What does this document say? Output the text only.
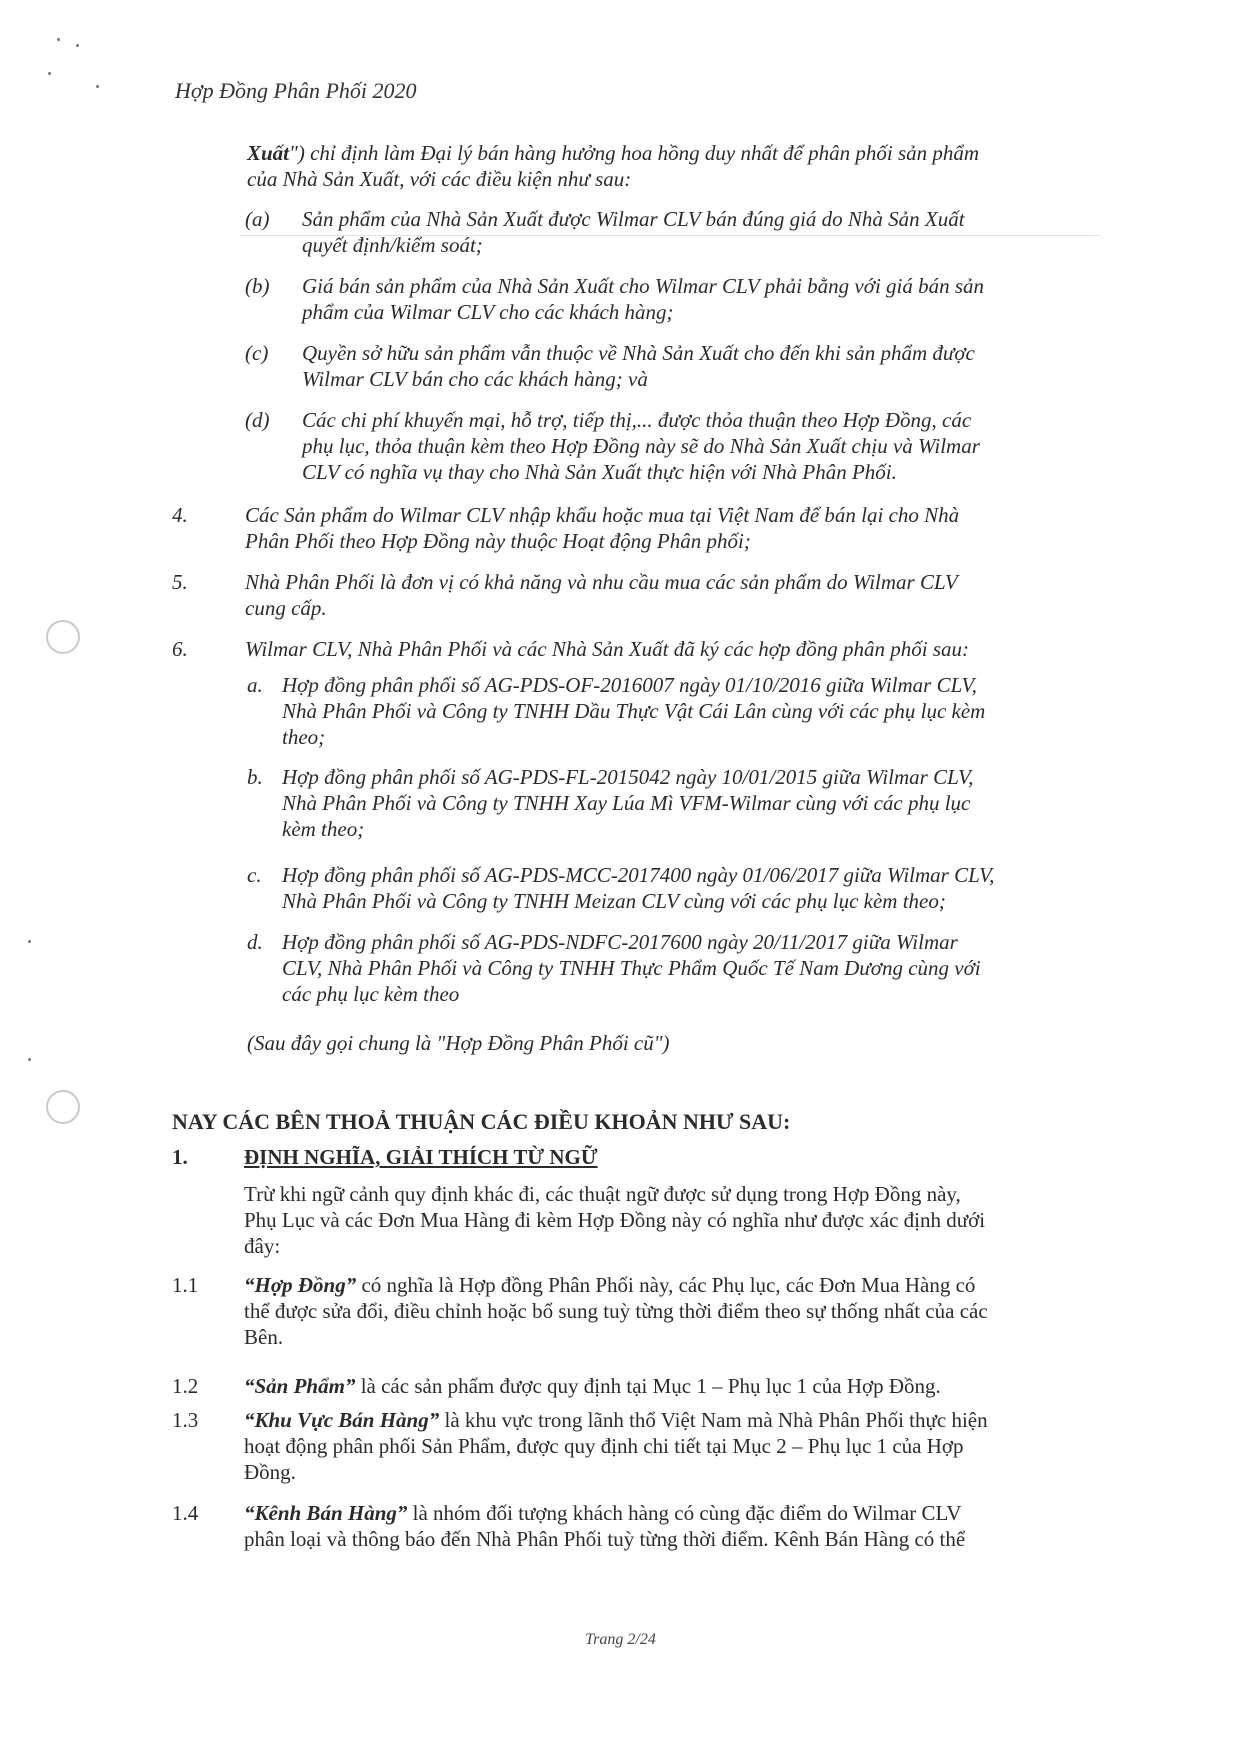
Hợp Đồng Phân Phối 2020
Xuất") chỉ định làm Đại lý bán hàng hưởng hoa hồng duy nhất để phân phối sản phẩm
của Nhà Sản Xuất, với các điều kiện như sau:
(a) Sản phẩm của Nhà Sản Xuất được Wilmar CLV bán đúng giá do Nhà Sản Xuất
quyết định/kiểm soát;
(b) Giá bán sản phẩm của Nhà Sản Xuất cho Wilmar CLV phải bằng với giá bán sản
phẩm của Wilmar CLV cho các khách hàng;
(c) Quyền sở hữu sản phẩm vẫn thuộc về Nhà Sản Xuất cho đến khi sản phẩm được
Wilmar CLV bán cho các khách hàng; và
(d) Các chi phí khuyến mại, hỗ trợ, tiếp thị,... được thỏa thuận theo Hợp Đồng, các
phụ lục, thỏa thuận kèm theo Hợp Đồng này sẽ do Nhà Sản Xuất chịu và Wilmar
CLV có nghĩa vụ thay cho Nhà Sản Xuất thực hiện với Nhà Phân Phối.
4.	Các Sản phẩm do Wilmar CLV nhập khẩu hoặc mua tại Việt Nam để bán lại cho Nhà
Phân Phối theo Hợp Đồng này thuộc Hoạt động Phân phối;
5.	Nhà Phân Phối là đơn vị có khả năng và nhu cầu mua các sản phẩm do Wilmar CLV
cung cấp.
6.	Wilmar CLV, Nhà Phân Phối và các Nhà Sản Xuất đã ký các hợp đồng phân phối sau:
a. Hợp đồng phân phối số AG-PDS-OF-2016007 ngày 01/10/2016 giữa Wilmar CLV,
Nhà Phân Phối và Công ty TNHH Dầu Thực Vật Cái Lân cùng với các phụ lục kèm
theo;
b. Hợp đồng phân phối số AG-PDS-FL-2015042 ngày 10/01/2015 giữa Wilmar CLV,
Nhà Phân Phối và Công ty TNHH Xay Lúa Mì VFM-Wilmar cùng với các phụ lục
kèm theo;
c. Hợp đồng phân phối số AG-PDS-MCC-2017400 ngày 01/06/2017 giữa Wilmar CLV,
Nhà Phân Phối và Công ty TNHH Meizan CLV cùng với các phụ lục kèm theo;
d. Hợp đồng phân phối số AG-PDS-NDFC-2017600 ngày 20/11/2017 giữa Wilmar
CLV, Nhà Phân Phối và Công ty TNHH Thực Phẩm Quốc Tế Nam Dương cùng với
các phụ lục kèm theo
(Sau đây gọi chung là "Hợp Đồng Phân Phối cũ")
NAY CÁC BÊN THOẢ THUẬN CÁC ĐIỀU KHOẢN NHƯ SAU:
1.	ĐỊNH NGHĨA, GIẢI THÍCH TỪ NGỮ
Trừ khi ngữ cảnh quy định khác đi, các thuật ngữ được sử dụng trong Hợp Đồng này,
Phụ Lục và các Đơn Mua Hàng đi kèm Hợp Đồng này có nghĩa như được xác định dưới
đây:
1.1 “Hợp Đồng” có nghĩa là Hợp đồng Phân Phối này, các Phụ lục, các Đơn Mua Hàng có
thể được sửa đổi, điều chỉnh hoặc bổ sung tuỳ từng thời điểm theo sự thống nhất của các
Bên.
1.2 “Sản Phẩm” là các sản phẩm được quy định tại Mục 1 – Phụ lục 1 của Hợp Đồng.
1.3 “Khu Vực Bán Hàng” là khu vực trong lãnh thổ Việt Nam mà Nhà Phân Phối thực hiện
hoạt động phân phối Sản Phẩm, được quy định chi tiết tại Mục 2 – Phụ lục 1 của Hợp
Đồng.
1.4 “Kênh Bán Hàng” là nhóm đối tượng khách hàng có cùng đặc điểm do Wilmar CLV
phân loại và thông báo đến Nhà Phân Phối tuỳ từng thời điểm. Kênh Bán Hàng có thể
Trang 2/24
